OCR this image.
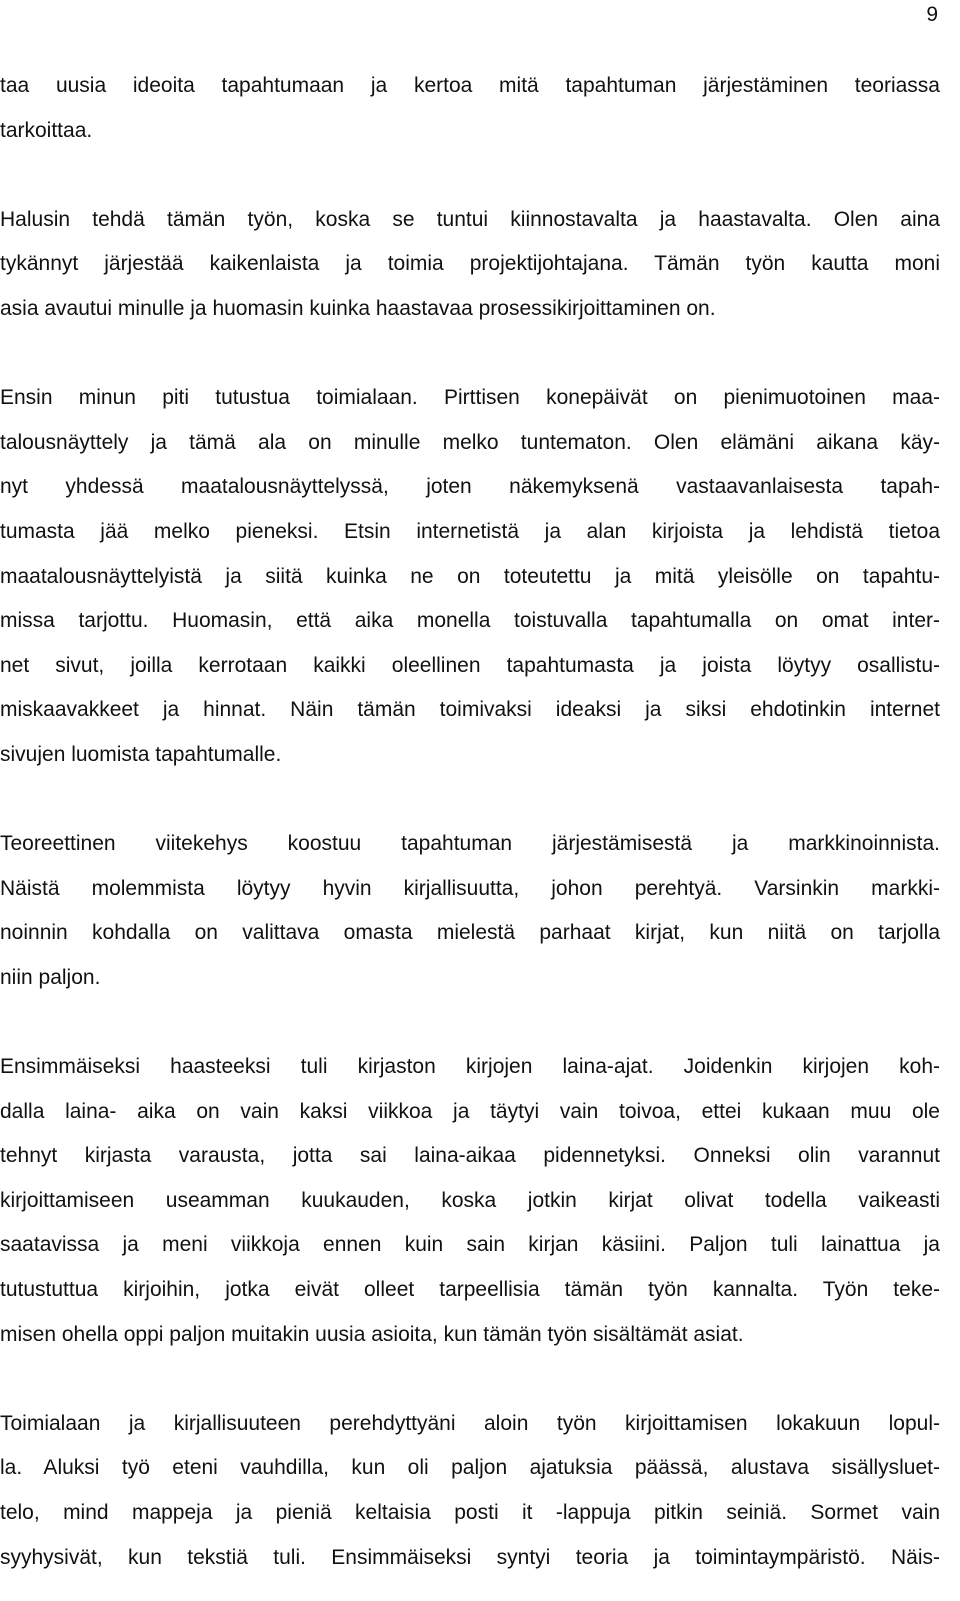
9

taa uusia ideoita tapahtumaan ja kertoa mitä tapahtuman järjestäminen teoriassa
tarkoittaa.

Halusin tehdä tämän työn, koska se tuntui kiinnostavalta ja haastavalta. Olen aina
tykännyt järjestää kaikenlaista ja toimia projektijohtajana. Tämän työn kautta moni
asia avautui minulle ja huomasin kuinka haastavaa prosessikirjoittaminen on.

Ensin minun piti tutustua toimialaan. Pirttisen konepäivät on pienimuotoinen maa-
talousnäyttely ja tämä ala on minulle melko tuntematon. Olen elämäni aikana käy-
nyt yhdessä maatalousnäyttelyssä, joten näkemyksenä vastaavanlaisesta tapah-
tumasta jää melko pieneksi. Etsin internetistä ja alan kirjoista ja lehdistä tietoa
maatalousnäyttelyistä ja siitä kuinka ne on toteutettu ja mitä yleisölle on tapahtu-
missa tarjottu. Huomasin, että aika monella toistuvalla tapahtumalla on omat inter-
net sivut, joilla kerrotaan kaikki oleellinen tapahtumasta ja joista löytyy osallistu-
miskaavakkeet ja hinnat. Näin tämän toimivaksi ideaksi ja siksi ehdotinkin internet
sivujen luomista tapahtumalle.

Teoreettinen viitekehys koostuu tapahtuman järjestämisestä ja markkinoinnista.
Näistä molemmista löytyy hyvin kirjallisuutta, johon perehtyä. Varsinkin markki-
noinnin kohdalla on valittava omasta mielestä parhaat kirjat, kun niitä on tarjolla
niin paljon.

Ensimmäiseksi haasteeksi tuli kirjaston kirjojen laina-ajat. Joidenkin kirjojen koh-
dalla laina- aika on vain kaksi viikkoa ja täytyi vain toivoa, ettei kukaan muu ole
tehnyt kirjasta varausta, jotta sai laina-aikaa pidennetyksi. Onneksi olin varannut
kirjoittamiseen useamman kuukauden, koska jotkin kirjat olivat todella vaikeasti
saatavissa ja meni viikkoja ennen kuin sain kirjan käsiini. Paljon tuli lainattua ja
tutustuttua kirjoihin, jotka eivät olleet tarpeellisia tämän työn kannalta. Työn teke-
misen ohella oppi paljon muitakin uusia asioita, kun tämän työn sisältämät asiat.

Toimialaan ja kirjallisuuteen perehdyttyäni aloin työn kirjoittamisen lokakuun lopul-
la. Aluksi työ eteni vauhdilla, kun oli paljon ajatuksia päässä, alustava sisällysluet-
telo, mind mappeja ja pieniä keltaisia posti it -lappuja pitkin seiniä. Sormet vain
syyhysivät, kun tekstiä tuli. Ensimmäiseksi syntyi teoria ja toimintaympäristö. Näis-
